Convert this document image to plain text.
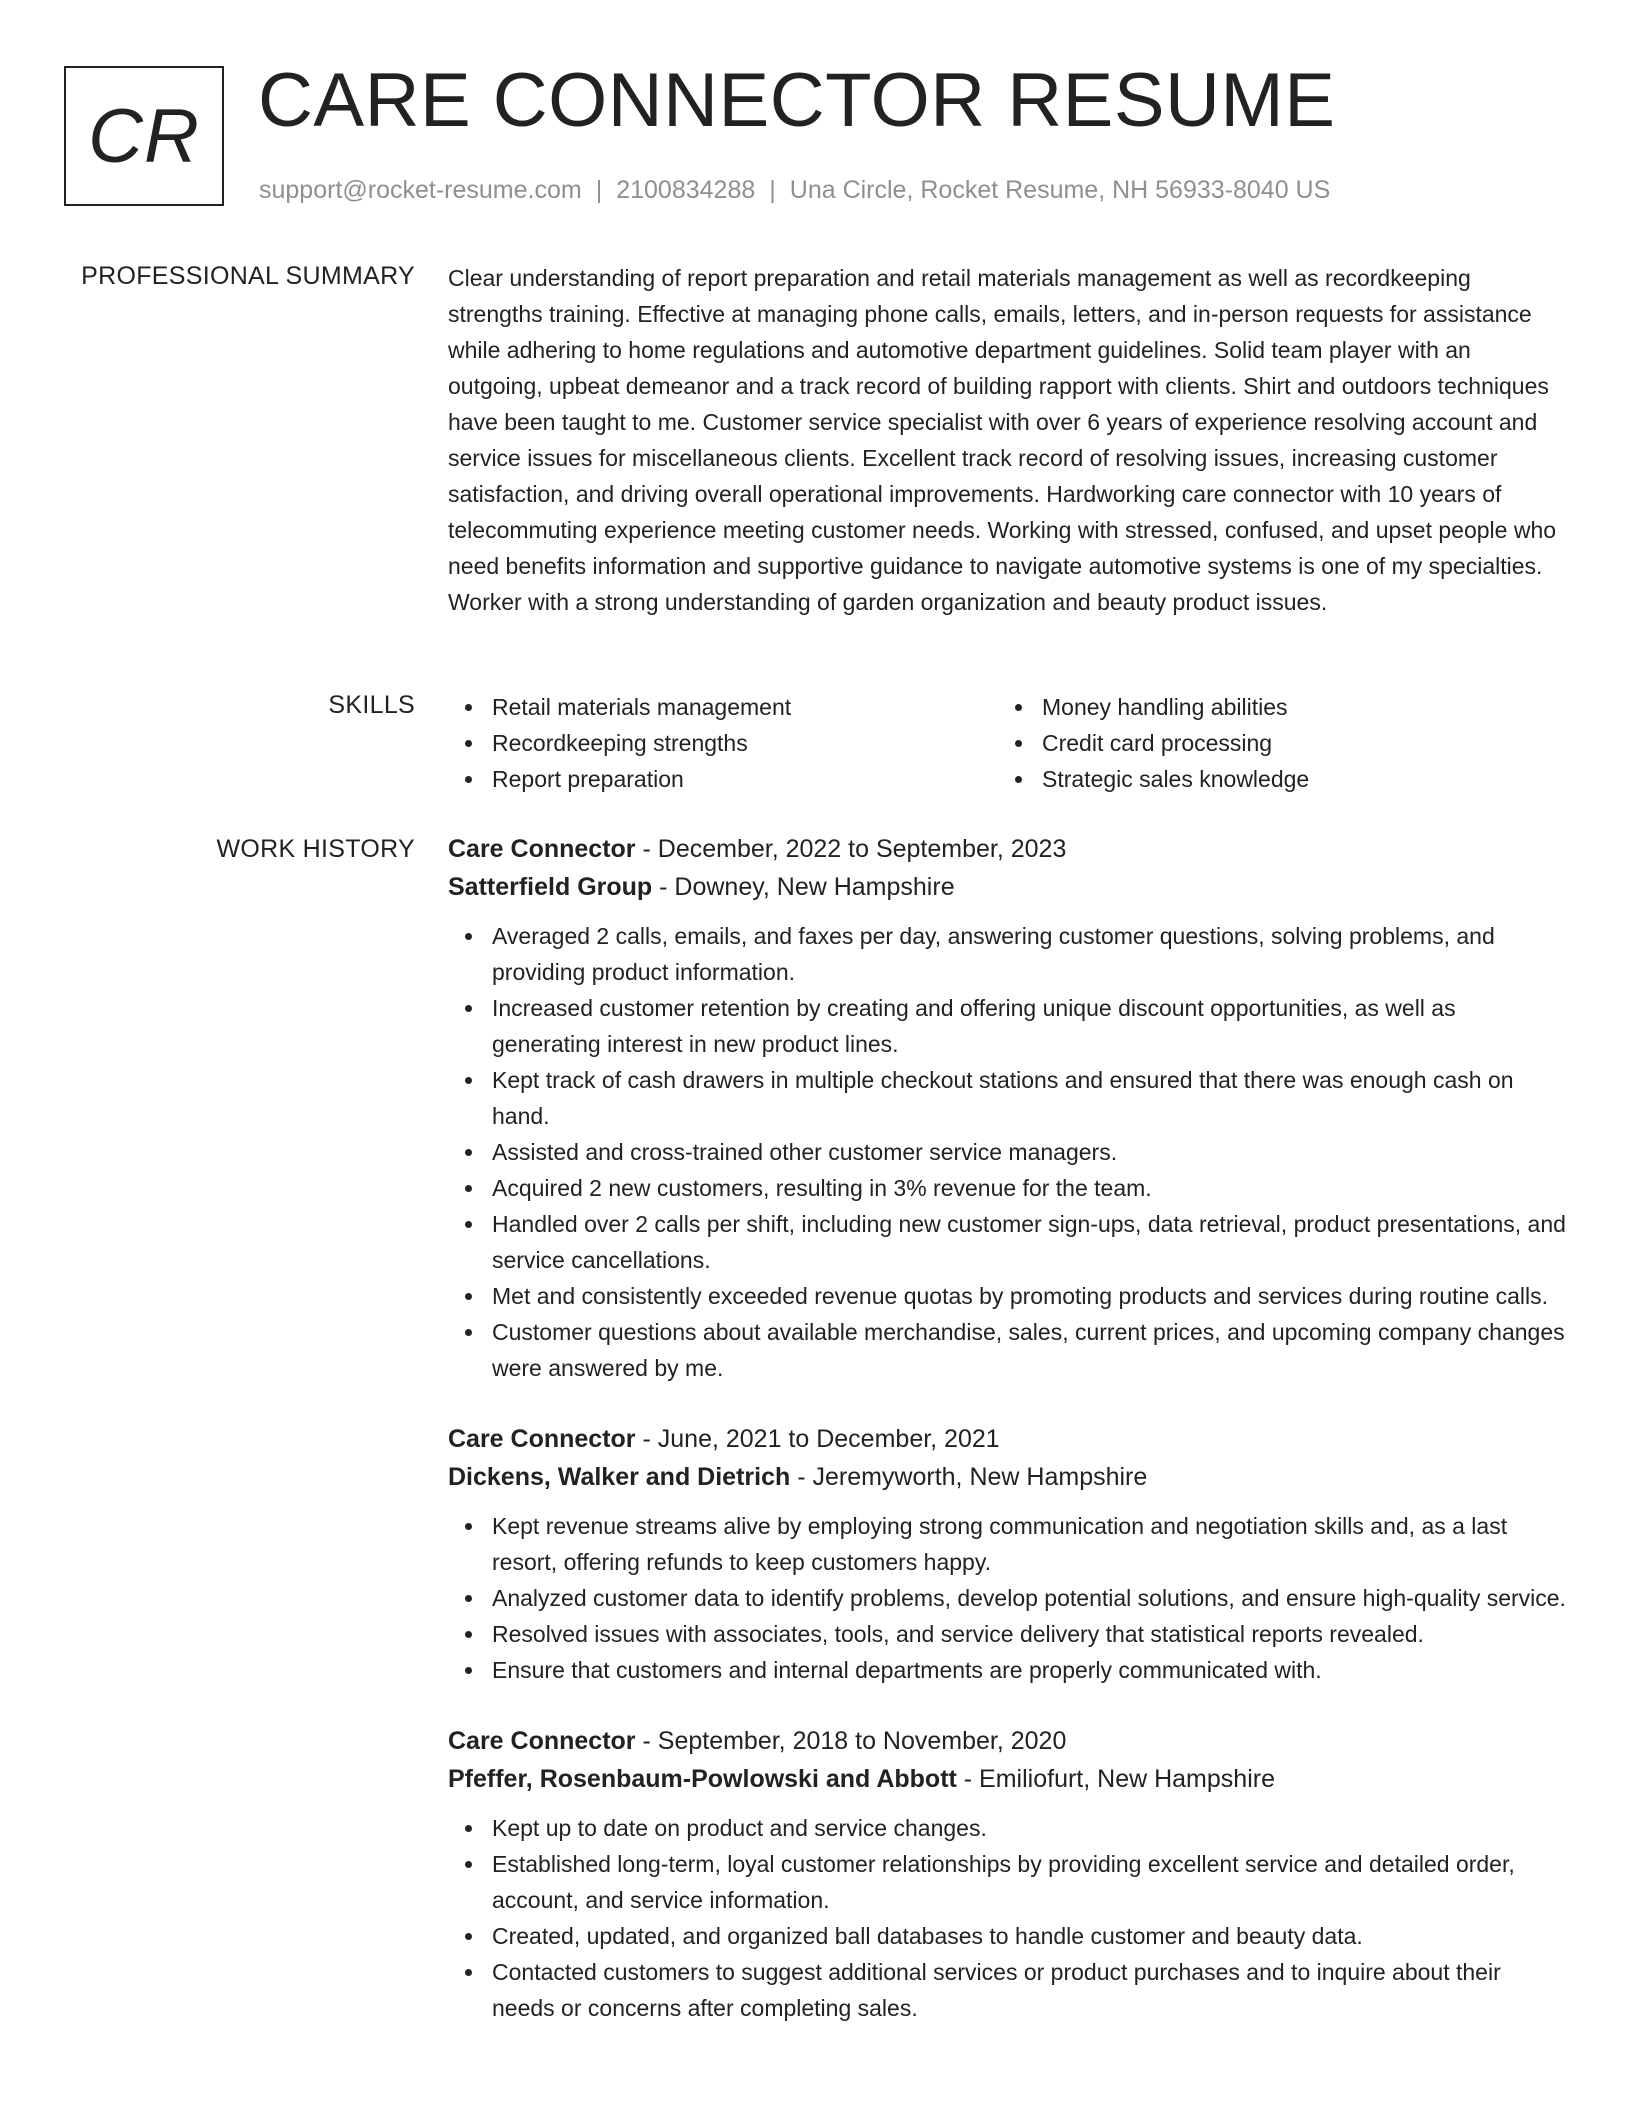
CR CARE CONNECTOR RESUME
support@rocket-resume.com | 2100834288 | Una Circle, Rocket Resume, NH 56933-8040 US
PROFESSIONAL SUMMARY Clear understanding of report preparation and retail materials management as well as recordkeeping strengths training. Effective at managing phone calls, emails, letters, and in-person requests for assistance while adhering to home regulations and automotive department guidelines. Solid team player with an outgoing, upbeat demeanor and a track record of building rapport with clients. Shirt and outdoors techniques have been taught to me. Customer service specialist with over 6 years of experience resolving account and service issues for miscellaneous clients. Excellent track record of resolving issues, increasing customer satisfaction, and driving overall operational improvements. Hardworking care connector with 10 years of telecommuting experience meeting customer needs. Working with stressed, confused, and upset people who need benefits information and supportive guidance to navigate automotive systems is one of my specialties. Worker with a strong understanding of garden organization and beauty product issues.

SKILLS	Retail materials management
Recordkeeping strengths
Report preparation
Money handling abilities
Credit card processing
Strategic sales knowledge
WORK HISTORY Care Connector - December, 2022 to September, 2023
Satterfield Group - Downey, New Hampshire
Averaged 2 calls, emails, and faxes per day, answering customer questions, solving problems, and providing product information.
Increased customer retention by creating and offering unique discount opportunities, as well as generating interest in new product lines.
Kept track of cash drawers in multiple checkout stations and ensured that there was enough cash on hand.
Assisted and cross-trained other customer service managers.
Acquired 2 new customers, resulting in 3% revenue for the team.
Handled over 2 calls per shift, including new customer sign-ups, data retrieval, product presentations, and service cancellations.
Met and consistently exceeded revenue quotas by promoting products and services during routine calls.
Customer questions about available merchandise, sales, current prices, and upcoming company changes were answered by me.
Care Connector - June, 2021 to December, 2021
Dickens, Walker and Dietrich - Jeremyworth, New Hampshire
Kept revenue streams alive by employing strong communication and negotiation skills and, as a last resort, offering refunds to keep customers happy.
Analyzed customer data to identify problems, develop potential solutions, and ensure high-quality service.
Resolved issues with associates, tools, and service delivery that statistical reports revealed.
Ensure that customers and internal departments are properly communicated with.
Care Connector - September, 2018 to November, 2020
Pfeffer, Rosenbaum-Powlowski and Abbott - Emiliofurt, New Hampshire
Kept up to date on product and service changes.
Established long-term, loyal customer relationships by providing excellent service and detailed order, account, and service information.
Created, updated, and organized ball databases to handle customer and beauty data.
Contacted customers to suggest additional services or product purchases and to inquire about their needs or concerns after completing sales.
